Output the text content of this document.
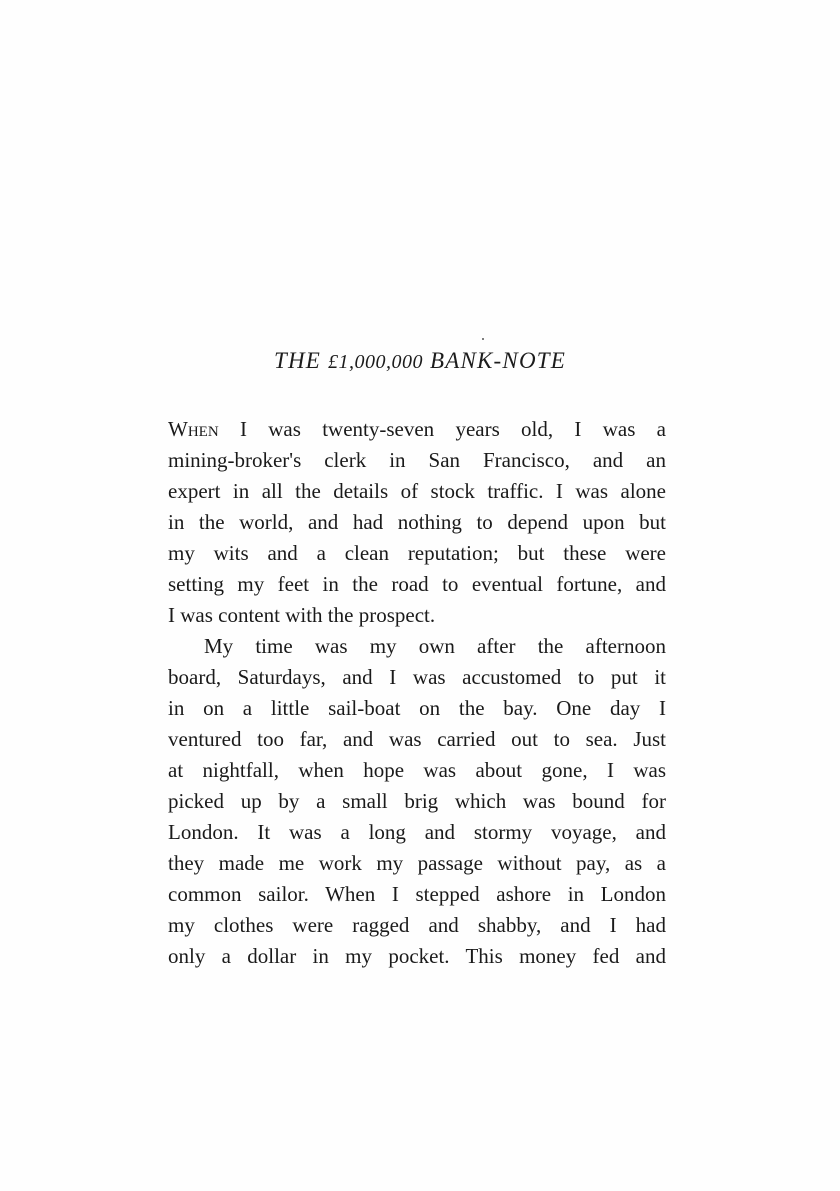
THE £1,000,000 BANK-NOTE
When I was twenty-seven years old, I was a
mining-broker's clerk in San Francisco, and an
expert in all the details of stock traffic. I was alone
in the world, and had nothing to depend upon but
my wits and a clean reputation; but these were
setting my feet in the road to eventual fortune, and
I was content with the prospect.
My time was my own after the afternoon
board, Saturdays, and I was accustomed to put it
in on a little sail-boat on the bay. One day I
ventured too far, and was carried out to sea. Just
at nightfall, when hope was about gone, I was
picked up by a small brig which was bound for
London. It was a long and stormy voyage, and
they made me work my passage without pay, as a
common sailor. When I stepped ashore in London
my clothes were ragged and shabby, and I had
only a dollar in my pocket. This money fed and
